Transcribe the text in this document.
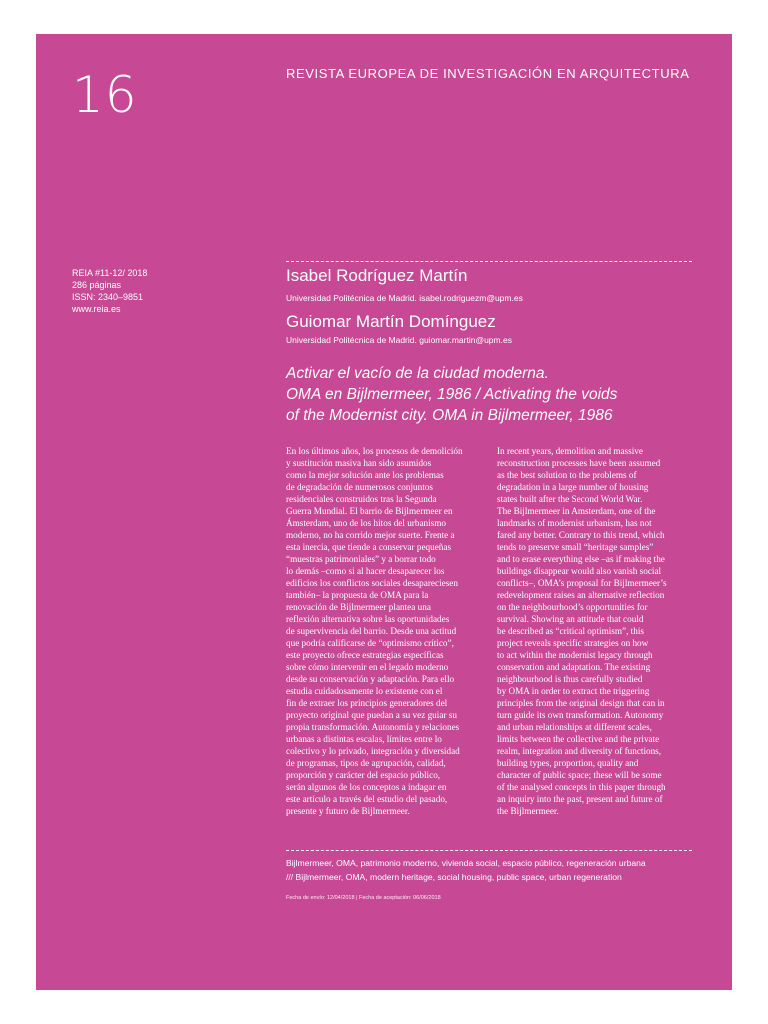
16	REVISTA EUROPEA DE INVESTIGACIÓN EN ARQUITECTURA
REIA #11-12/ 2018
286 páginas
ISSN: 2340–9851
www.reia.es
Isabel Rodríguez Martín
Universidad Politécnica de Madrid. isabel.rodriguezm@upm.es
Guiomar Martín Domínguez
Universidad Politécnica de Madrid. guiomar.martin@upm.es
Activar el vacío de la ciudad moderna.
OMA en Bijlmermeer, 1986 / Activating the voids
of the Modernist city. OMA in Bijlmermeer, 1986
En los últimos años, los procesos de demolición
y sustitución masiva han sido asumidos
como la mejor solución ante los problemas
de degradación de numerosos conjuntos
residenciales construidos tras la Segunda
Guerra Mundial. El barrio de Bijlmermeer en
Ámsterdam, uno de los hitos del urbanismo
moderno, no ha corrido mejor suerte. Frente a
esta inercia, que tiende a conservar pequeñas
“muestras patrimoniales” y a borrar todo
lo demás –como si al hacer desaparecer los
edificios los conflictos sociales desapareciesen
también– la propuesta de OMA para la
renovación de Bijlmermeer plantea una
reflexión alternativa sobre las oportunidades
de supervivencia del barrio. Desde una actitud
que podría calificarse de “optimismo crítico”,
este proyecto ofrece estrategias específicas
sobre cómo intervenir en el legado moderno
desde su conservación y adaptación. Para ello
estudia cuidadosamente lo existente con el
fin de extraer los principios generadores del
proyecto original que puedan a su vez guiar su
propia transformación. Autonomía y relaciones
urbanas a distintas escalas, límites entre lo
colectivo y lo privado, integración y diversidad
de programas, tipos de agrupación, calidad,
proporción y carácter del espacio público,
serán algunos de los conceptos a indagar en
este artículo a través del estudio del pasado,
presente y futuro de Bijlmermeer.
In recent years, demolition and massive
reconstruction processes have been assumed
as the best solution to the problems of
degradation in a large number of housing
states built after the Second World War.
The Bijlmermeer in Amsterdam, one of the
landmarks of modernist urbanism, has not
fared any better. Contrary to this trend, which
tends to preserve small “heritage samples”
and to erase everything else –as if making the
buildings disappear would also vanish social
conflicts–, OMA’s proposal for Bijlmermeer’s
redevelopment raises an alternative reflection
on the neighbourhood’s opportunities for
survival. Showing an attitude that could
be described as “critical optimism”, this
project reveals specific strategies on how
to act within the modernist legacy through
conservation and adaptation. The existing
neighbourhood is thus carefully studied
by OMA in order to extract the triggering
principles from the original design that can in
turn guide its own transformation. Autonomy
and urban relationships at different scales,
limits between the collective and the private
realm, integration and diversity of functions,
building types, proportion, quality and
character of public space; these will be some
of the analysed concepts in this paper through
an inquiry into the past, present and future of
the Bijlmermeer.
Bijlmermeer, OMA, patrimonio moderno, vivienda social, espacio público, regeneración urbana
/// Bijlmermeer, OMA, modern heritage, social housing, public space, urban regeneration
Fecha de envío: 12/04/2018 | Fecha de aceptación: 06/06/2018
